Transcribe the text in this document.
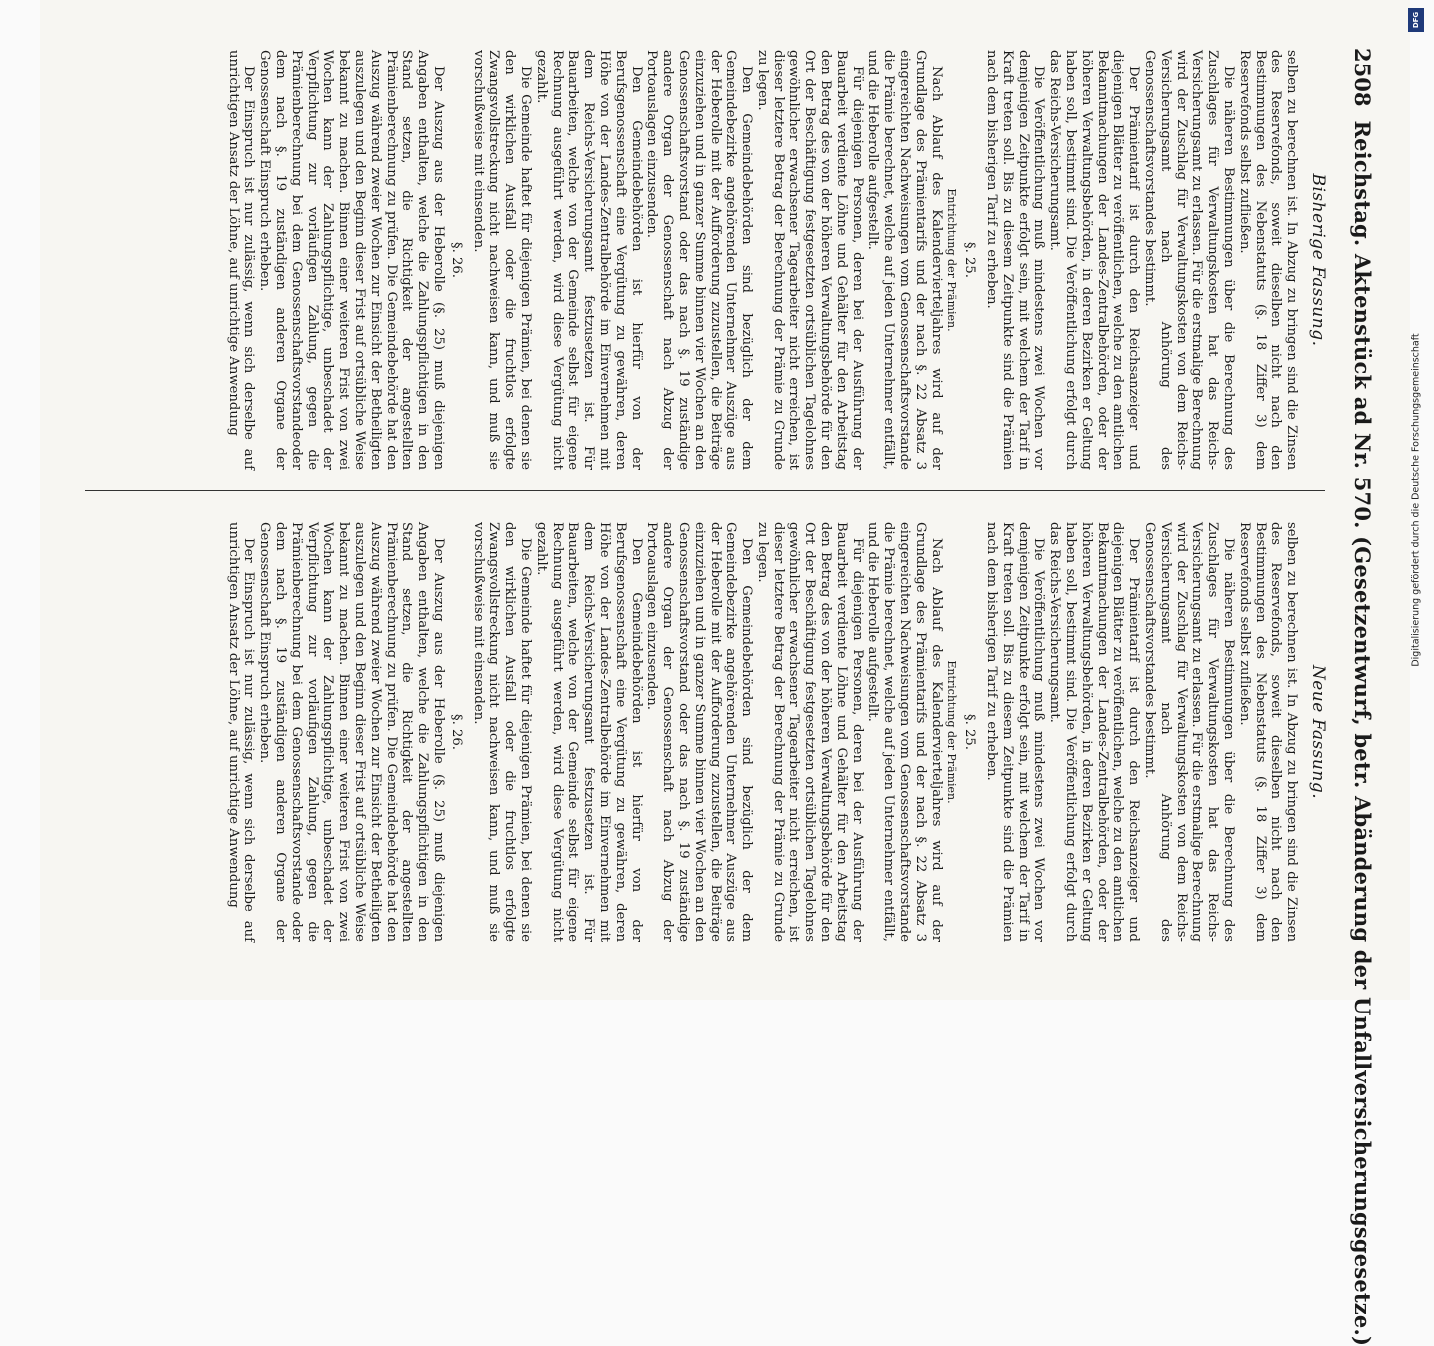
2508
Reichstag. Aktenstück ad Nr. 570. (Gesetzentwurf, betr. Abänderung der Unfallversicherungsgesetze.)
Bisherige Fassung.

selben zu berechnen ist. In Abzug zu bringen sind die Zinsen des Reservefonds, soweit dieselben nicht nach den Bestimmungen des Nebenstatuts (§. 18 Ziffer 3) dem Reservefonds selbst zufließen.

Die näheren Bestimmungen über die Berechnung des Zuschlages für Verwaltungskosten hat das Reichs-Versicherungsamt zu erlassen. Für die erstmalige Berechnung wird der Zuschlag für Verwaltungskosten von dem Reichs-Versicherungsamt nach Anhörung des Genossenschaftsvorstandes bestimmt.

Der Prämientarif ist durch den Reichsanzeiger und diejenigen Blätter zu veröffentlichen, welche zu den amtlichen Bekanntmachungen der Landes-Zentralbehörden, oder der höheren Verwaltungsbehörden, in deren Bezirken er Geltung haben soll, bestimmt sind. Die Veröffentlichung erfolgt durch das Reichs-Versicherungsamt.

Die Veröffentlichung muß mindestens zwei Wochen vor demjenigen Zeitpunkte erfolgt sein, mit welchem der Tarif in Kraft treten soll. Bis zu diesem Zeitpunkte sind die Prämien nach dem bisherigen Tarif zu erheben.

§. 25.
Entrichtung der Prämien.

Nach Ablauf des Kalendervierteljahres wird auf der Grundlage des Prämientarifs und der nach §. 22 Absatz 3 eingereichten Nachweisungen vom Genossenschaftsvorstande die Prämie berechnet, welche auf jeden Unternehmer entfällt, und die Heberolle aufgestellt.

Für diejenigen Personen, deren bei der Ausführung der Bauarbeit verdiente Löhne und Gehälter für den Arbeitstag den Betrag des von der höheren Verwaltungsbehörde für den Ort der Beschäftigung festgesetzten ortsüblichen Tagelohnes gewöhnlicher erwachsener Tagearbeiter nicht erreichen, ist dieser letztere Betrag der Berechnung der Prämie zu Grunde zu legen.

Den Gemeindebehörden sind bezüglich der dem Gemeindebezirke angehörenden Unternehmer Auszüge aus der Heberolle mit der Aufforderung zuzustellen, die Beiträge einzuziehen und in ganzer Summe binnen vier Wochen an den Genossenschaftsvorstand oder das nach §. 19 zuständige andere Organ der Genossenschaft nach Abzug der Portoauslagen einzusenden.

Den Gemeindebehörden ist hierfür von der Berufsgenossenschaft eine Vergütung zu gewähren, deren Höhe von der Landes-Zentralbehörde im Einvernehmen mit dem Reichs-Versicherungsamt festzusetzen ist. Für Bauarbeiten, welche von der Gemeinde selbst für eigene Rechnung ausgeführt werden, wird diese Vergütung nicht gezahlt.

Die Gemeinde haftet für diejenigen Prämien, bei denen sie den wirklichen Ausfall oder die fruchtlos erfolgte Zwangsvollstreckung nicht nachweisen kann, und muß sie vorschußweise mit einsenden.

§. 26.

Der Auszug aus der Heberolle (§. 25) muß diejenigen Angaben enthalten, welche die Zahlungspflichtigen in den Stand setzen, die Richtigkeit der angestellten Prämienberechnung zu prüfen. Die Gemeindebehörde hat den Auszug während zweier Wochen zur Einsicht der Betheiligten auszulegen und den Beginn dieser Frist auf ortsübliche Weise bekannt zu machen. Binnen einer weiteren Frist von zwei Wochen kann der Zahlungspflichtige, unbeschadet der Verpflichtung zur vorläufigen Zahlung, gegen die Prämienberechnung bei dem Genossenschaftsvorstandeoder dem nach §. 19 zuständigen anderen Organe der Genossenschaft Einspruch erheben.

Der Einspruch ist nur zulässig, wenn sich derselbe auf unrichtigen Ansatz der Löhne, auf unrichtige Anwendung

Neue Fassung.

selben zu berechnen ist. In Abzug zu bringen sind die Zinsen des Reservefonds, soweit dieselben nicht nach den Bestimmungen des Nebenstatuts (§. 18 Ziffer 3) dem Reservefonds selbst zufließen.

Die näheren Bestimmungen über die Berechnung des Zuschlages für Verwaltungskosten hat das Reichs-Versicherungsamt zu erlassen. Für die erstmalige Berechnung wird der Zuschlag für Verwaltungskosten von dem Reichs-Versicherungsamt nach Anhörung des Genossenschaftsvorstandes bestimmt.

Der Prämientarif ist durch den Reichsanzeiger und diejenigen Blätter zu veröffentlichen, welche zu den amtlichen Bekanntmachungen der Landes-Zentralbehörden, oder der höheren Verwaltungsbehörden, in deren Bezirken er Geltung haben soll, bestimmt sind. Die Veröffentlichung erfolgt durch das Reichs-Versicherungsamt.

Die Veröffentlichung muß mindestens zwei Wochen vor demjenigen Zeitpunkte erfolgt sein, mit welchem der Tarif in Kraft treten soll. Bis zu diesem Zeitpunkte sind die Prämien nach dem bisherigen Tarif zu erheben.

§. 25.
Entrichtung der Prämien.

Nach Ablauf des Kalendervierteljahres wird auf der Grundlage des Prämientarifs und der nach §. 22 Absatz 3 eingereichten Nachweisungen vom Genossenschaftsvorstande die Prämie berechnet, welche auf jeden Unternehmer entfällt, und die Heberolle aufgestellt.

Für diejenigen Personen, deren bei der Ausführung der Bauarbeit verdiente Löhne und Gehälter für den Arbeitstag den Betrag des von der höheren Verwaltungsbehörde für den Ort der Beschäftigung festgesetzten ortsüblichen Tagelohnes gewöhnlicher erwachsener Tagearbeiter nicht erreichen, ist dieser letztere Betrag der Berechnung der Prämie zu Grunde zu legen.

Den Gemeindebehörden sind bezüglich der dem Gemeindebezirke angehörenden Unternehmer Auszüge aus der Heberolle mit der Aufforderung zuzustellen, die Beiträge einzuziehen und in ganzer Summe binnen vier Wochen an den Genossenschaftsvorstand oder das nach §. 19 zuständige andere Organ der Genossenschaft nach Abzug der Portoauslagen einzusenden.

Den Gemeindebehörden ist hierfür von der Berufsgenossenschaft eine Vergütung zu gewähren, deren Höhe von der Landes-Zentralbehörde im Einvernehmen mit dem Reichs-Versicherungsamt festzusetzen ist. Für Bauarbeiten, welche von der Gemeinde selbst für eigene Rechnung ausgeführt werden, wird diese Vergütung nicht gezahlt.

Die Gemeinde haftet für diejenigen Prämien, bei denen sie den wirklichen Ausfall oder die fruchtlos erfolgte Zwangsvollstreckung nicht nachweisen kann, und muß sie vorschußweise mit einsenden.

§. 26.

Der Auszug aus der Heberolle (§. 25) muß diejenigen Angaben enthalten, welche die Zahlungspflichtigen in den Stand setzen, die Richtigkeit der angestellten Prämienberechnung zu prüfen. Die Gemeindebehörde hat den Auszug während zweier Wochen zur Einsicht der Betheiligten auszulegen und den Beginn dieser Frist auf ortsübliche Weise bekannt zu machen. Binnen einer weiteren Frist von zwei Wochen kann der Zahlungspflichtige, unbeschadet der Verpflichtung zur vorläufigen Zahlung, gegen die Prämienberechnung bei dem Genossenschaftsvorstande oder dem nach §. 19 zuständigen anderen Organe der Genossenschaft Einspruch erheben.

Der Einspruch ist nur zulässig, wenn sich derselbe auf unrichtigen Ansatz der Löhne, auf unrichtige Anwendung

DFG
Digitalisierung gefördert durch die Deutsche Forschungsgemeinschaft
